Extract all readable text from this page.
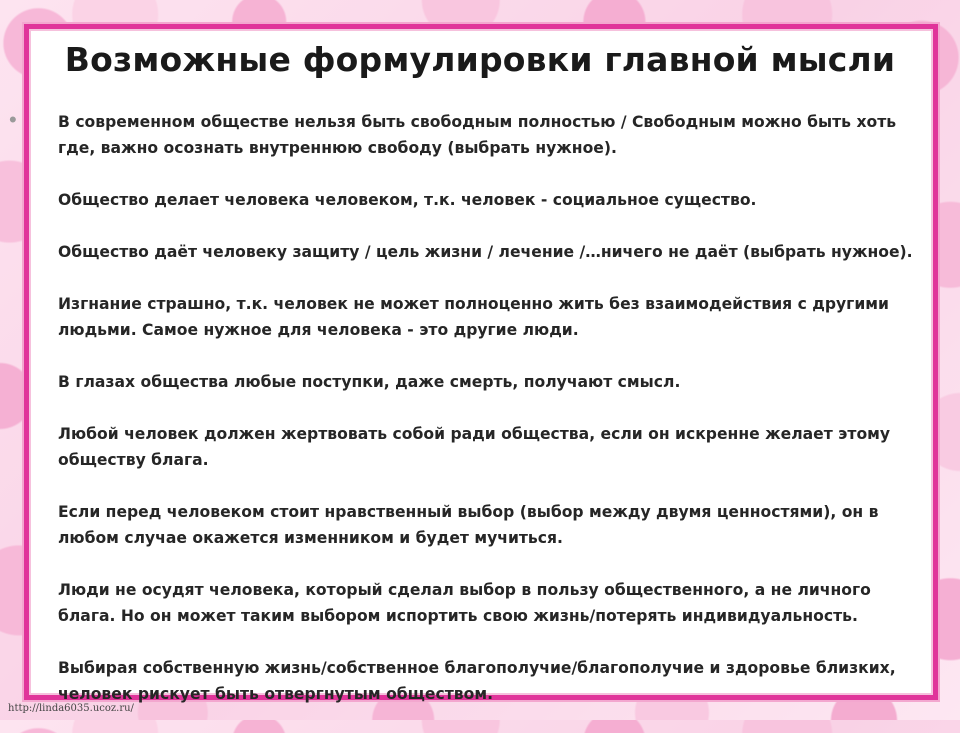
Возможные формулировки главной мысли
•	В современном обществе нельзя быть свободным полностью / Свободным можно быть хоть где, важно осознать внутреннюю свободу (выбрать нужное).

Общество делает человека человеком, т.к. человек - социальное существо.

Общество даёт человеку защиту / цель жизни / лечение /…ничего не даёт (выбрать нужное).

Изгнание страшно, т.к. человек не может полноценно жить без взаимодействия с другими людьми. Самое нужное для человека - это другие люди.

В глазах общества любые поступки, даже смерть, получают смысл.

Любой человек должен жертвовать собой ради общества, если он искренне желает этому обществу блага.

Если перед человеком стоит нравственный выбор (выбор между двумя ценностями), он в любом случае окажется изменником и будет мучиться.

Люди не осудят человека, который сделал выбор в пользу общественного, а не личного блага. Но он может таким выбором испортить свою жизнь/потерять индивидуальность.

Выбирая собственную жизнь/собственное благополучие/благополучие и здоровье близких, человек рискует быть отвергнутым обществом.

http://linda6035.ucoz.ru/
